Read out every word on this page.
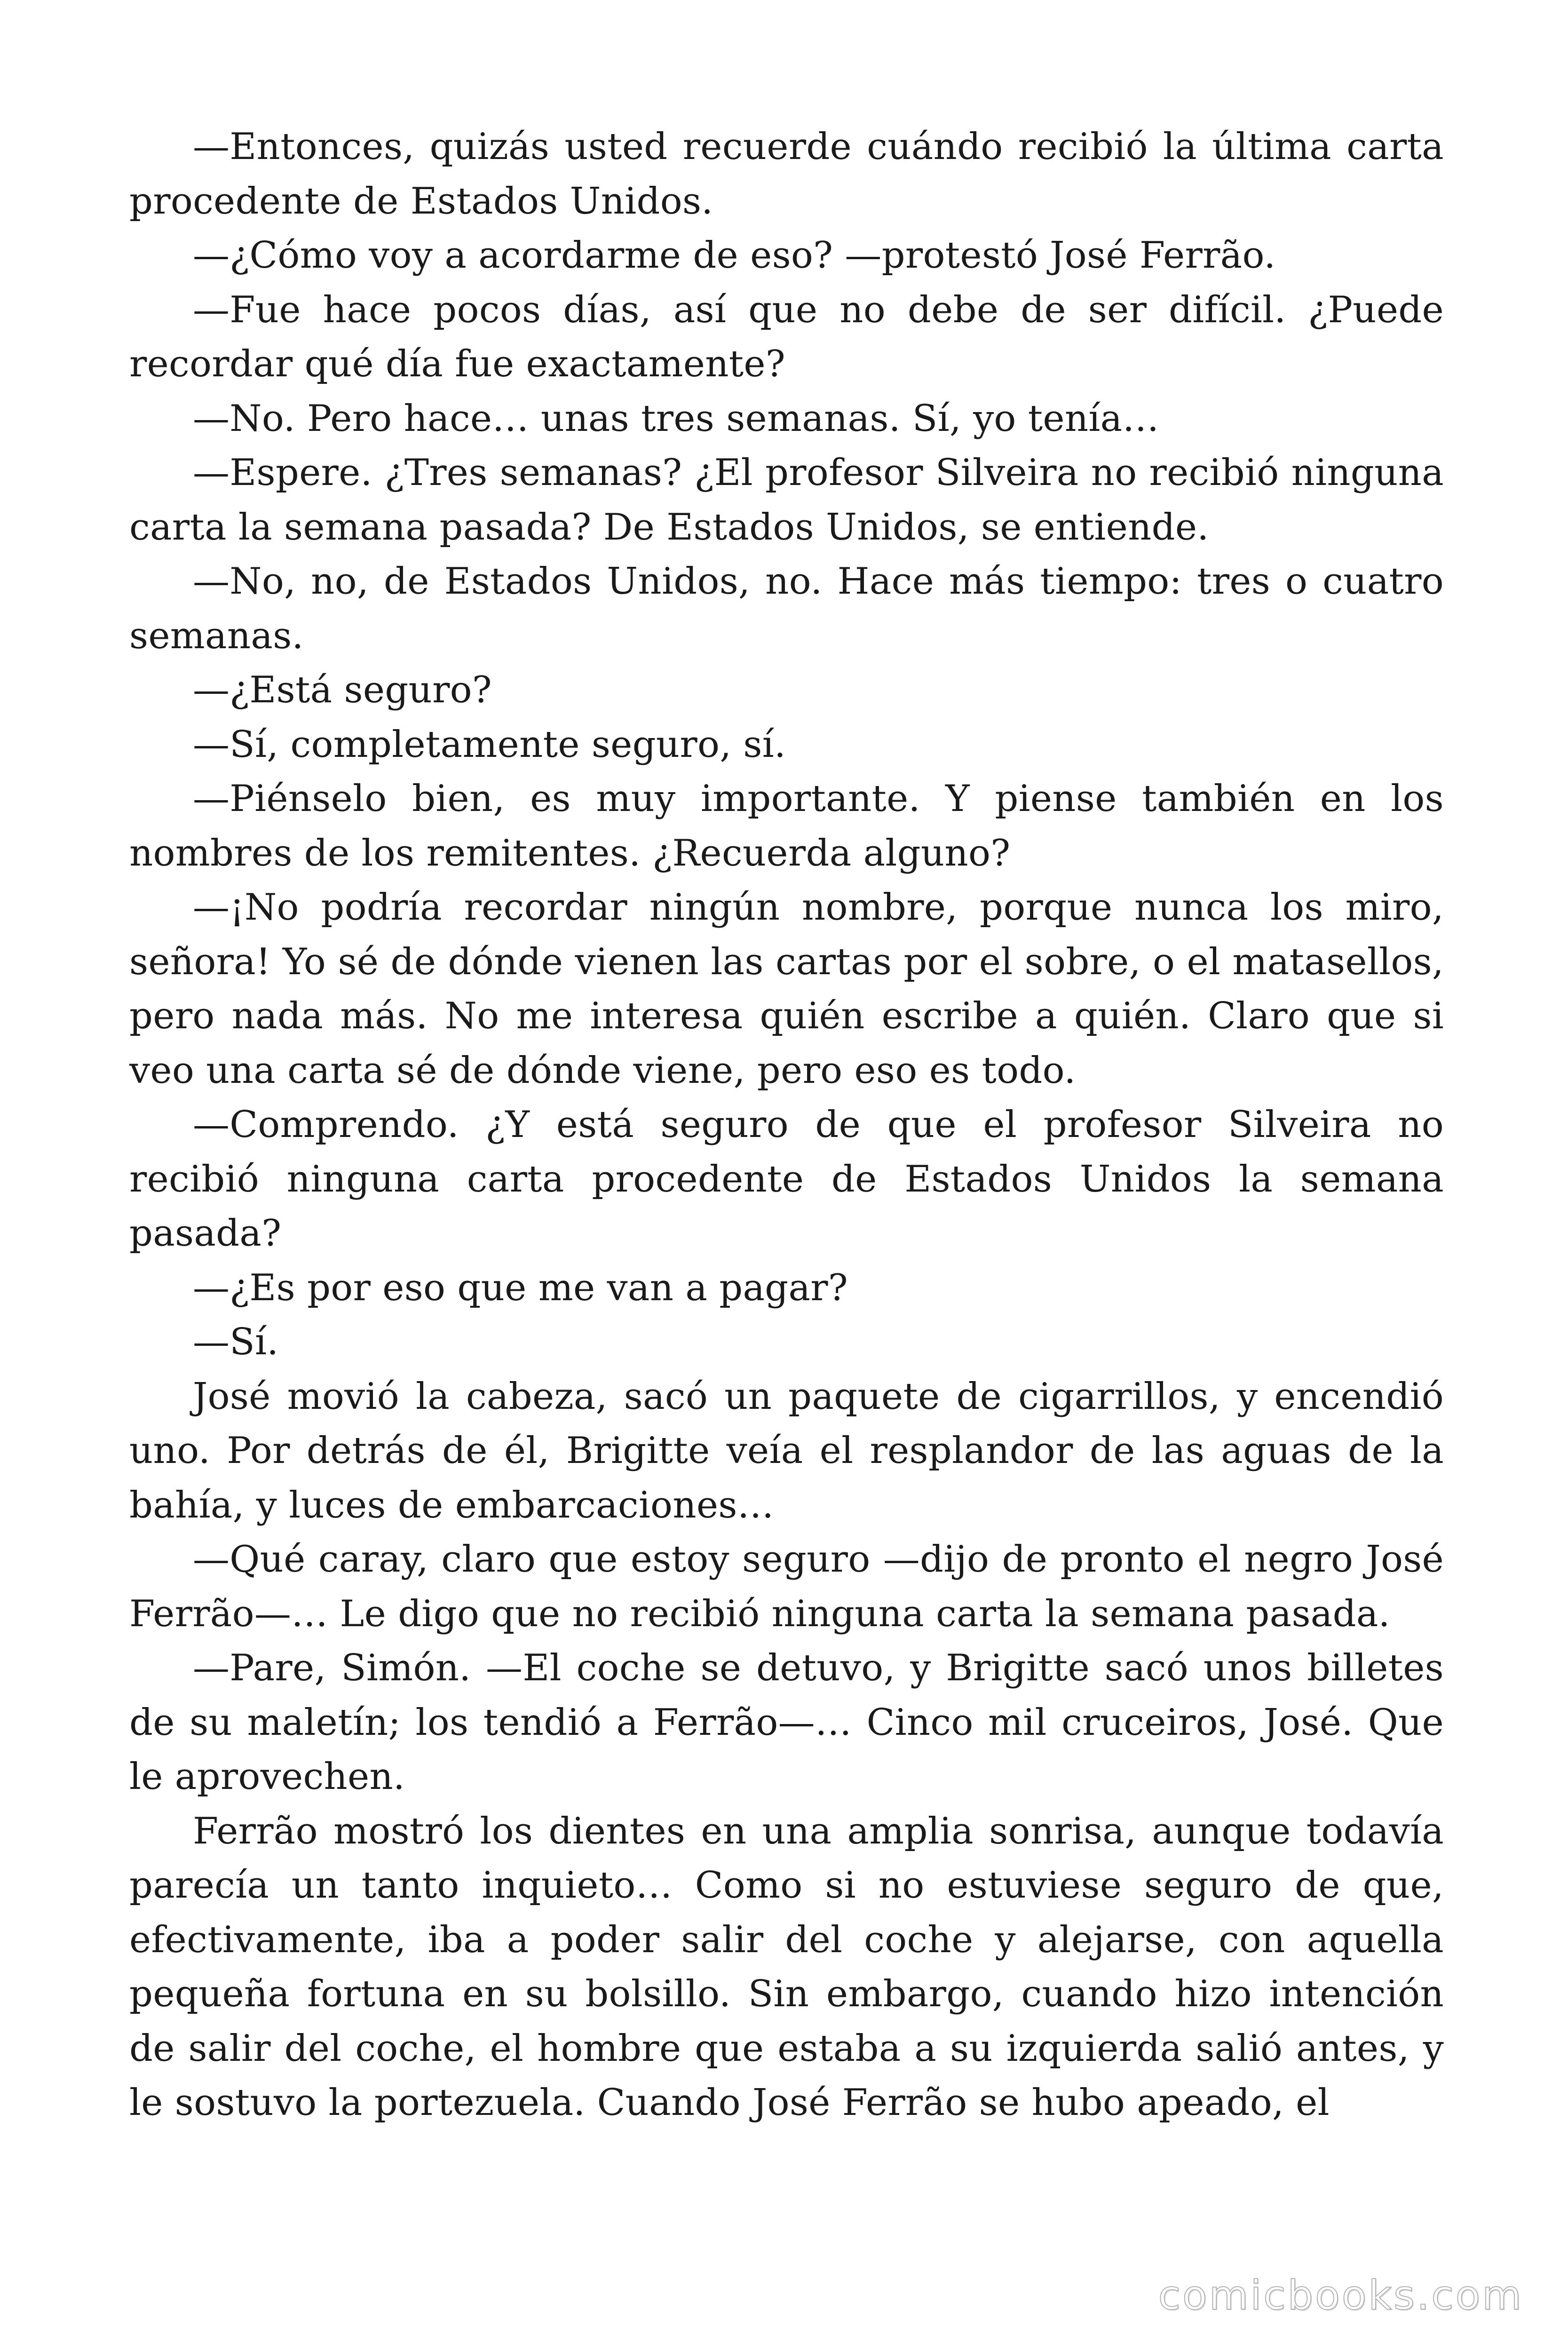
—Entonces, quizás usted recuerde cuándo recibió la última carta procedente de Estados Unidos.

—¿Cómo voy a acordarme de eso? —protestó José Ferrão.

—Fue hace pocos días, así que no debe de ser difícil. ¿Puede recordar qué día fue exactamente?

—No. Pero hace… unas tres semanas. Sí, yo tenía…

—Espere. ¿Tres semanas? ¿El profesor Silveira no recibió ninguna carta la semana pasada? De Estados Unidos, se entiende.

—No, no, de Estados Unidos, no. Hace más tiempo: tres o cuatro semanas.

—¿Está seguro?

—Sí, completamente seguro, sí.

—Piénselo bien, es muy importante. Y piense también en los nombres de los remitentes. ¿Recuerda alguno?

—¡No podría recordar ningún nombre, porque nunca los miro, señora! Yo sé de dónde vienen las cartas por el sobre, o el matasellos, pero nada más. No me interesa quién escribe a quién. Claro que si veo una carta sé de dónde viene, pero eso es todo.

—Comprendo. ¿Y está seguro de que el profesor Silveira no recibió ninguna carta procedente de Estados Unidos la semana pasada?

—¿Es por eso que me van a pagar?

—Sí.

José movió la cabeza, sacó un paquete de cigarrillos, y encendió uno. Por detrás de él, Brigitte veía el resplandor de las aguas de la bahía, y luces de embarcaciones…

—Qué caray, claro que estoy seguro —dijo de pronto el negro José Ferrão—… Le digo que no recibió ninguna carta la semana pasada.

—Pare, Simón. —El coche se detuvo, y Brigitte sacó unos billetes de su maletín; los tendió a Ferrão—… Cinco mil cruceiros, José. Que le aprovechen.

Ferrão mostró los dientes en una amplia sonrisa, aunque todavía parecía un tanto inquieto… Como si no estuviese seguro de que, efectivamente, iba a poder salir del coche y alejarse, con aquella pequeña fortuna en su bolsillo. Sin embargo, cuando hizo intención de salir del coche, el hombre que estaba a su izquierda salió antes, y le sostuvo la portezuela. Cuando José Ferrão se hubo apeado, el

comicbooks.com
